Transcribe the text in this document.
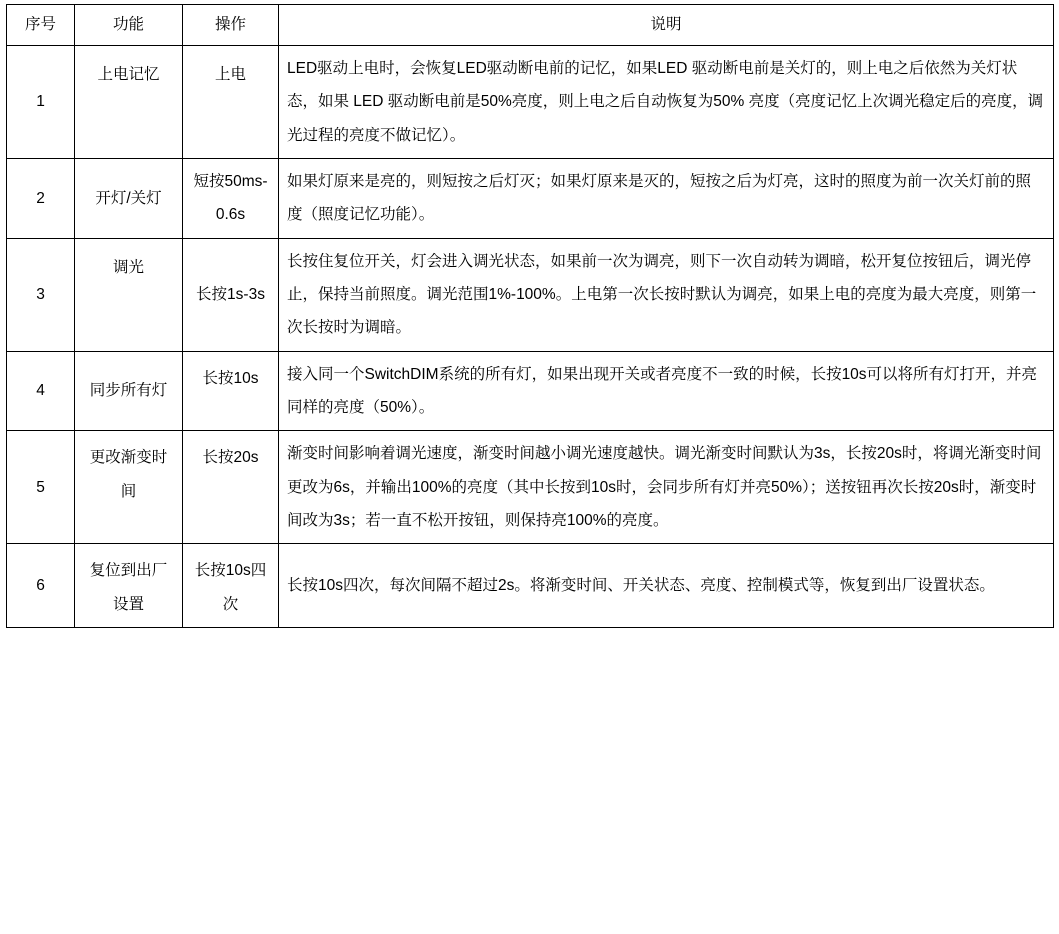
序号	功能	操作	说明
1	上电记忆	上电	LED驱动上电时，会恢复LED驱动断电前的记忆，如果LED 驱动断电前是关灯的，则上电之后依然为关灯状态，如果 LED 驱动断电前是50%亮度，则上电之后自动恢复为50% 亮度（亮度记忆上次调光稳定后的亮度，调光过程的亮度不做记忆）。
2	开灯/关灯	短按50ms-0.6s	如果灯原来是亮的，则短按之后灯灭；如果灯原来是灭的，短按之后为灯亮，这时的照度为前一次关灯前的照度（照度记忆功能）。
3	调光	长按1s-3s	长按住复位开关，灯会进入调光状态，如果前一次为调亮，则下一次自动转为调暗，松开复位按钮后，调光停止，保持当前照度。调光范围1%-100%。上电第一次长按时默认为调亮，如果上电的亮度为最大亮度，则第一次长按时为调暗。
4	同步所有灯	长按10s	接入同一个SwitchDIM系统的所有灯，如果出现开关或者亮度不一致的时候，长按10s可以将所有灯打开，并亮同样的亮度（50%）。
5	更改渐变时间	长按20s	渐变时间影响着调光速度，渐变时间越小调光速度越快。调光渐变时间默认为3s，长按20s时，将调光渐变时间更改为6s，并输出100%的亮度（其中长按到10s时，会同步所有灯并亮50%）；送按钮再次长按20s时，渐变时间改为3s；若一直不松开按钮，则保持亮100%的亮度。
6	复位到出厂设置	长按10s四次	长按10s四次，每次间隔不超过2s。将渐变时间、开关状态、亮度、控制模式等，恢复到出厂设置状态。
